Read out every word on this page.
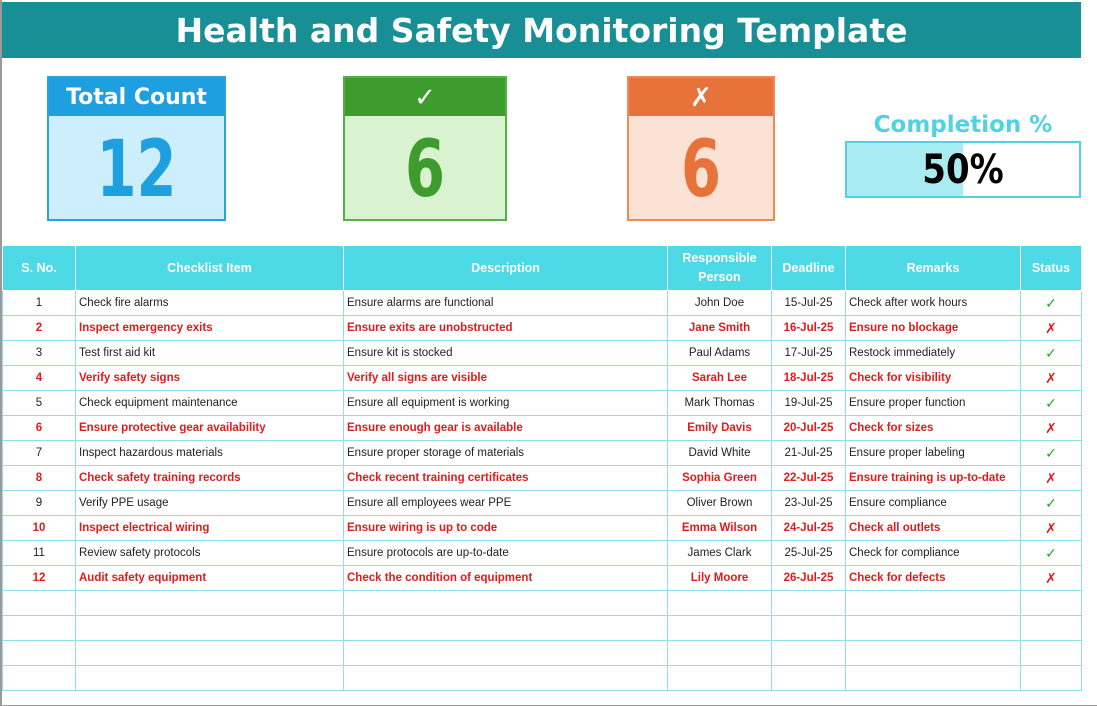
Health and Safety Monitoring Template
Total Count
12
✓
6
✗
6	Completion %
50%
S. No.	Checklist Item	Description	Responsible Person	Deadline	Remarks	Status
1	Check fire alarms	Ensure alarms are functional	John Doe	15-Jul-25	Check after work hours	✓
2	Inspect emergency exits	Ensure exits are unobstructed	Jane Smith	16-Jul-25	Ensure no blockage	✗
3	Test first aid kit	Ensure kit is stocked	Paul Adams	17-Jul-25	Restock immediately	✓
4	Verify safety signs	Verify all signs are visible	Sarah Lee	18-Jul-25	Check for visibility	✗
5	Check equipment maintenance	Ensure all equipment is working	Mark Thomas	19-Jul-25	Ensure proper function	✓
6	Ensure protective gear availability	Ensure enough gear is available	Emily Davis	20-Jul-25	Check for sizes	✗
7	Inspect hazardous materials	Ensure proper storage of materials	David White	21-Jul-25	Ensure proper labeling	✓
8	Check safety training records	Check recent training certificates	Sophia Green	22-Jul-25	Ensure training is up-to-date	✗
9	Verify PPE usage	Ensure all employees wear PPE	Oliver Brown	23-Jul-25	Ensure compliance	✓
10	Inspect electrical wiring	Ensure wiring is up to code	Emma Wilson	24-Jul-25	Check all outlets	✗
11	Review safety protocols	Ensure protocols are up-to-date	James Clark	25-Jul-25	Check for compliance	✓
12	Audit safety equipment	Check the condition of equipment	Lily Moore	26-Jul-25	Check for defects	✗
